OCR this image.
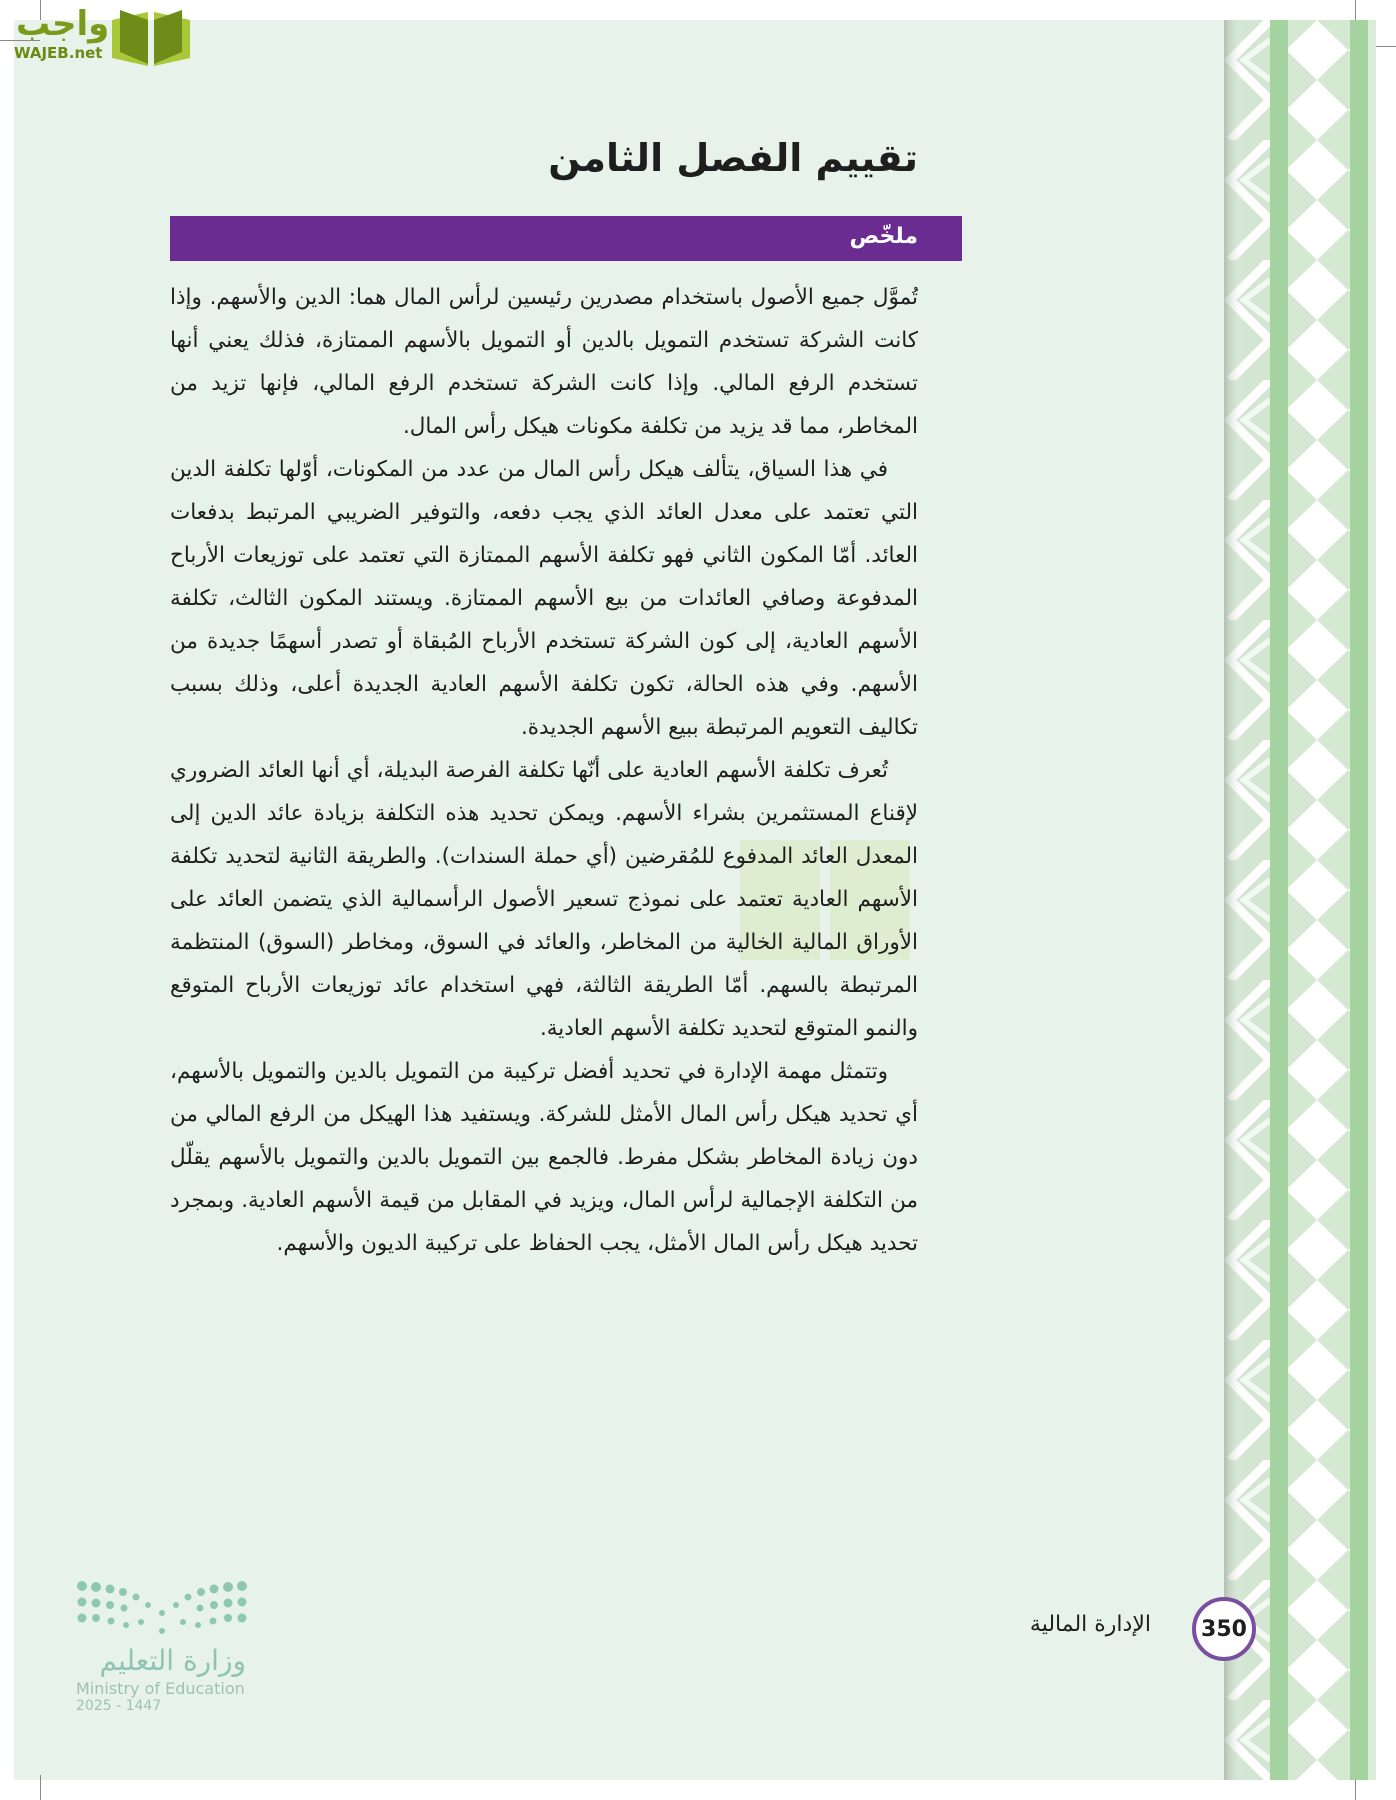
واجب
WAJEB.net
تقييم الفصل الثامن
ملخّص

تُموَّل جميع الأصول باستخدام مصدرين رئيسين لرأس المال هما: الدين والأسهم. وإذا كانت الشركة تستخدم التمويل بالدين أو التمويل بالأسهم الممتازة، فذلك يعني أنها تستخدم الرفع المالي. وإذا كانت الشركة تستخدم الرفع المالي، فإنها تزيد من المخاطر، مما قد يزيد من تكلفة مكونات هيكل رأس المال.

في هذا السياق، يتألف هيكل رأس المال من عدد من المكونات، أوّلها تكلفة الدين التي تعتمد على معدل العائد الذي يجب دفعه، والتوفير الضريبي المرتبط بدفعات العائد. أمّا المكون الثاني فهو تكلفة الأسهم الممتازة التي تعتمد على توزيعات الأرباح المدفوعة وصافي العائدات من بيع الأسهم الممتازة. ويستند المكون الثالث، تكلفة الأسهم العادية، إلى كون الشركة تستخدم الأرباح المُبقاة أو تصدر أسهمًا جديدة من الأسهم. وفي هذه الحالة، تكون تكلفة الأسهم العادية الجديدة أعلى، وذلك بسبب تكاليف التعويم المرتبطة ببيع الأسهم الجديدة.

تُعرف تكلفة الأسهم العادية على أنّها تكلفة الفرصة البديلة، أي أنها العائد الضروري لإقناع المستثمرين بشراء الأسهم. ويمكن تحديد هذه التكلفة بزيادة عائد الدين إلى المعدل العائد المدفوع للمُقرضين (أي حملة السندات). والطريقة الثانية لتحديد تكلفة الأسهم العادية تعتمد على نموذج تسعير الأصول الرأسمالية الذي يتضمن العائد على الأوراق المالية الخالية من المخاطر، والعائد في السوق، ومخاطر (السوق) المنتظمة المرتبطة بالسهم. أمّا الطريقة الثالثة، فهي استخدام عائد توزيعات الأرباح المتوقع والنمو المتوقع لتحديد تكلفة الأسهم العادية.

وتتمثل مهمة الإدارة في تحديد أفضل تركيبة من التمويل بالدين والتمويل بالأسهم، أي تحديد هيكل رأس المال الأمثل للشركة. ويستفيد هذا الهيكل من الرفع المالي من دون زيادة المخاطر بشكل مفرط. فالجمع بين التمويل بالدين والتمويل بالأسهم يقلّل من التكلفة الإجمالية لرأس المال، ويزيد في المقابل من قيمة الأسهم العادية. وبمجرد تحديد هيكل رأس المال الأمثل، يجب الحفاظ على تركيبة الديون والأسهم.

350
الإدارة المالية
وزارة التعليم
Ministry of Education
2025 - 1447
